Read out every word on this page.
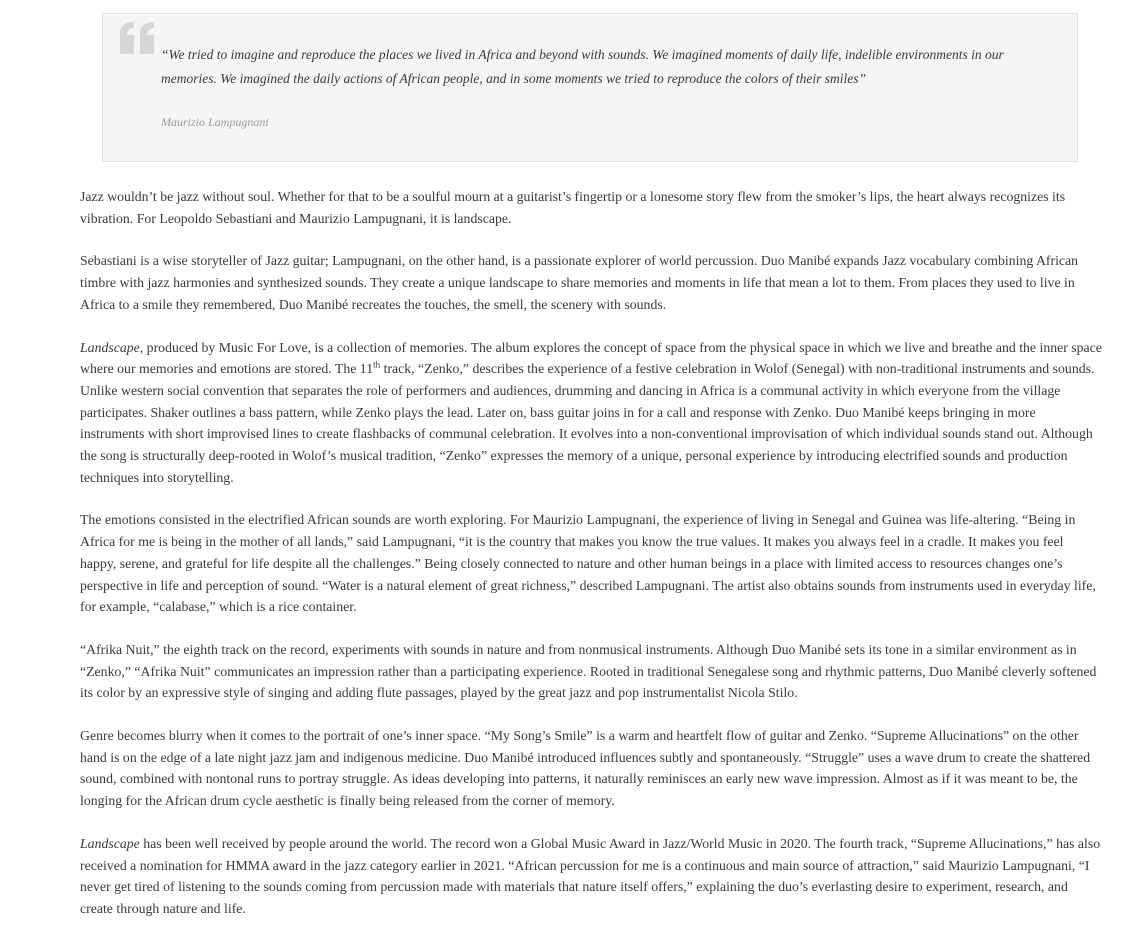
“We tried to imagine and reproduce the places we lived in Africa and beyond with sounds. We imagined moments of daily life, indelible environments in our memories. We imagined the daily actions of African people, and in some moments we tried to reproduce the colors of their smiles”

Maurizio Lampugnani

Jazz wouldn’t be jazz without soul. Whether for that to be a soulful mourn at a guitarist’s fingertip or a lonesome story flew from the smoker’s lips, the heart always recognizes its vibration. For Leopoldo Sebastiani and Maurizio Lampugnani, it is landscape.

Sebastiani is a wise storyteller of Jazz guitar; Lampugnani, on the other hand, is a passionate explorer of world percussion. Duo Manibé expands Jazz vocabulary combining African timbre with jazz harmonies and synthesized sounds. They create a unique landscape to share memories and moments in life that mean a lot to them. From places they used to live in Africa to a smile they remembered, Duo Manibé recreates the touches, the smell, the scenery with sounds.

Landscape, produced by Music For Love, is a collection of memories. The album explores the concept of space from the physical space in which we live and breathe and the inner space where our memories and emotions are stored. The 11th track, “Zenko,” describes the experience of a festive celebration in Wolof (Senegal) with non-traditional instruments and sounds. Unlike western social convention that separates the role of performers and audiences, drumming and dancing in Africa is a communal activity in which everyone from the village participates. Shaker outlines a bass pattern, while Zenko plays the lead. Later on, bass guitar joins in for a call and response with Zenko. Duo Manibé keeps bringing in more instruments with short improvised lines to create flashbacks of communal celebration. It evolves into a non-conventional improvisation of which individual sounds stand out. Although the song is structurally deep-rooted in Wolof’s musical tradition, “Zenko” expresses the memory of a unique, personal experience by introducing electrified sounds and production techniques into storytelling.

The emotions consisted in the electrified African sounds are worth exploring. For Maurizio Lampugnani, the experience of living in Senegal and Guinea was life-altering. “Being in Africa for me is being in the mother of all lands,” said Lampugnani, “it is the country that makes you know the true values. It makes you always feel in a cradle. It makes you feel happy, serene, and grateful for life despite all the challenges.” Being closely connected to nature and other human beings in a place with limited access to resources changes one’s perspective in life and perception of sound. “Water is a natural element of great richness,” described Lampugnani. The artist also obtains sounds from instruments used in everyday life, for example, “calabase,” which is a rice container.

“Afrika Nuit,” the eighth track on the record, experiments with sounds in nature and from nonmusical instruments. Although Duo Manibé sets its tone in a similar environment as in “Zenko,” “Afrika Nuit” communicates an impression rather than a participating experience. Rooted in traditional Senegalese song and rhythmic patterns, Duo Manibé cleverly softened its color by an expressive style of singing and adding flute passages, played by the great jazz and pop instrumentalist Nicola Stilo.

Genre becomes blurry when it comes to the portrait of one’s inner space. “My Song’s Smile” is a warm and heartfelt flow of guitar and Zenko. “Supreme Allucinations” on the other hand is on the edge of a late night jazz jam and indigenous medicine. Duo Manibé introduced influences subtly and spontaneously. “Struggle” uses a wave drum to create the shattered sound, combined with nontonal runs to portray struggle. As ideas developing into patterns, it naturally reminisces an early new wave impression. Almost as if it was meant to be, the longing for the African drum cycle aesthetic is finally being released from the corner of memory.

Landscape has been well received by people around the world. The record won a Global Music Award in Jazz/World Music in 2020. The fourth track, “Supreme Allucinations,” has also received a nomination for HMMA award in the jazz category earlier in 2021. “African percussion for me is a continuous and main source of attraction,” said Maurizio Lampugnani, “I never get tired of listening to the sounds coming from percussion made with materials that nature itself offers,” explaining the duo’s everlasting desire to experiment, research, and create through nature and life.
